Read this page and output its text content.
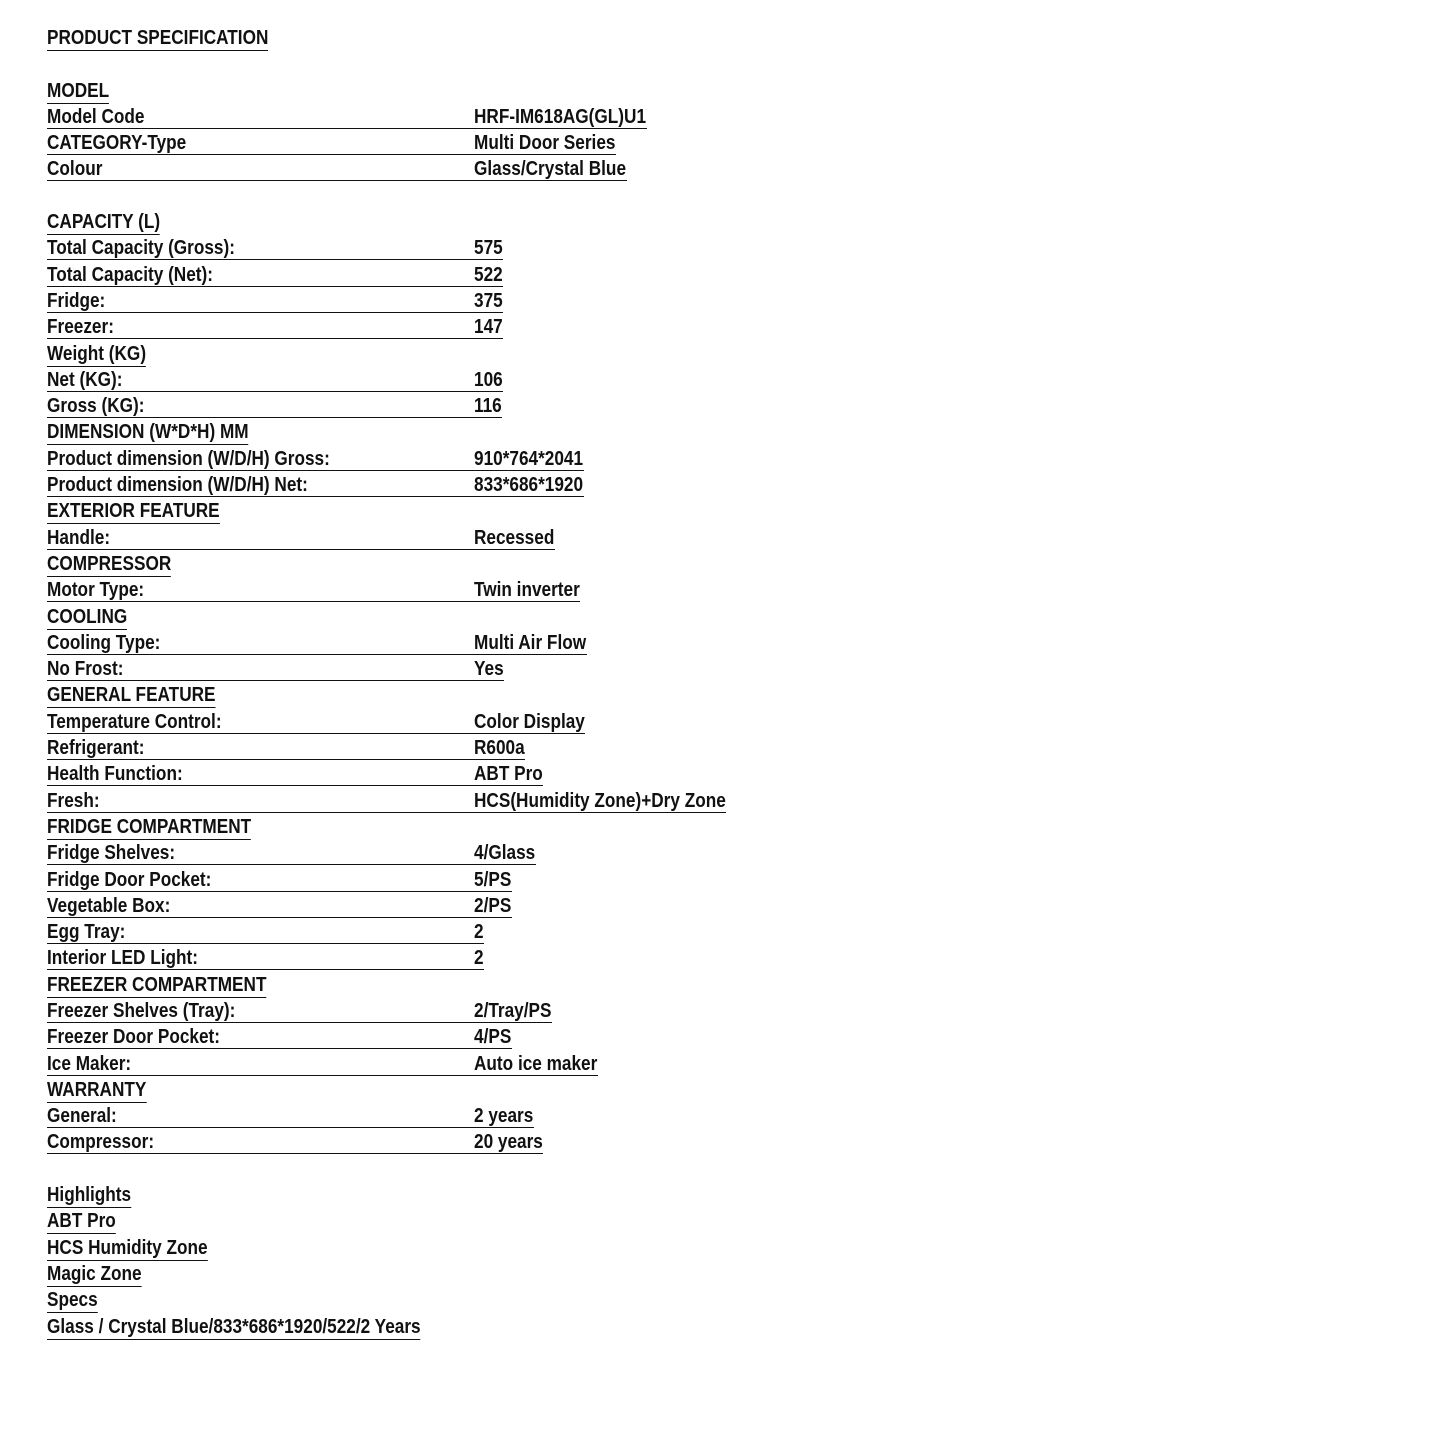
PRODUCT SPECIFICATION
MODEL
Model Code	HRF-IM618AG(GL)U1
CATEGORY-Type	Multi Door Series
Colour	Glass/Crystal Blue
CAPACITY (L)
Total Capacity (Gross):	575
Total Capacity (Net):	522
Fridge:	375
Freezer:	147
Weight (KG)
Net (KG):	106
Gross (KG):	116
DIMENSION (W*D*H) MM
Product dimension (W/D/H) Gross:	910*764*2041
Product dimension (W/D/H) Net:	833*686*1920
EXTERIOR FEATURE
Handle:	Recessed
COMPRESSOR
Motor Type:	Twin inverter
COOLING
Cooling Type:	Multi Air Flow
No Frost:	Yes
GENERAL FEATURE
Temperature Control:	Color Display
Refrigerant:	R600a
Health Function:	ABT Pro
Fresh:	HCS(Humidity Zone)+Dry Zone
FRIDGE COMPARTMENT
Fridge Shelves:	4/Glass
Fridge Door Pocket:	5/PS
Vegetable Box:	2/PS
Egg Tray:	2
Interior LED Light:	2
FREEZER COMPARTMENT
Freezer Shelves (Tray):	2/Tray/PS
Freezer Door Pocket:	4/PS
Ice Maker:	Auto ice maker
WARRANTY
General:	2 years
Compressor:	20 years
Highlights
ABT Pro
HCS Humidity Zone
Magic Zone
Specs
Glass / Crystal Blue/833*686*1920/522/2 Years
